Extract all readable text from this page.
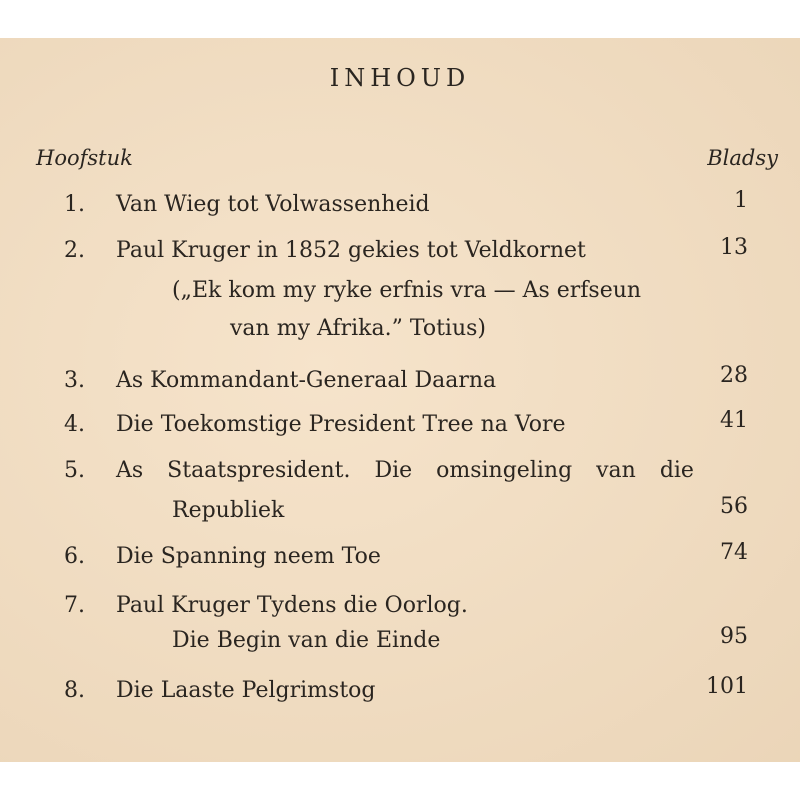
INHOUD
Hoofstuk	Bladsy
1.	Van Wieg tot Volwassenheid	1
2.	Paul Kruger in 1852 gekies tot Veldkornet	13
(„Ek kom my ryke erfnis vra — As erfseun
van my Afrika.” Totius)
3.	As Kommandant-Generaal Daarna	28
4.	Die Toekomstige President Tree na Vore	41
5.	As Staatspresident. Die omsingeling van die
Republiek	56
6.	Die Spanning neem Toe	74
7.	Paul Kruger Tydens die Oorlog.
Die Begin van die Einde	95
8.	Die Laaste Pelgrimstog	101
